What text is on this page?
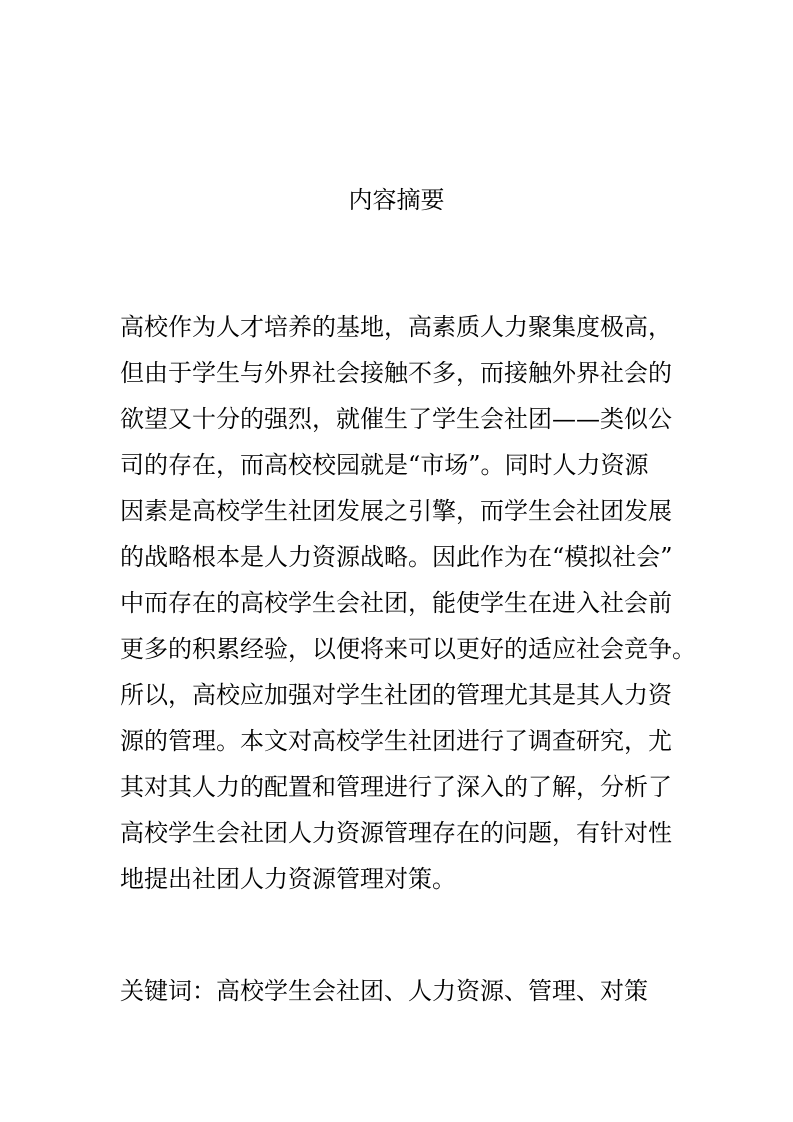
内容摘要
高校作为人才培养的基地，高素质人力聚集度极高，
但由于学生与外界社会接触不多，而接触外界社会的
欲望又十分的强烈，就催生了学生会社团——类似公
司的存在，而高校校园就是“市场”。同时人力资源
因素是高校学生社团发展之引擎，而学生会社团发展
的战略根本是人力资源战略。因此作为在“模拟社会”
中而存在的高校学生会社团，能使学生在进入社会前
更多的积累经验，以便将来可以更好的适应社会竞争。
所以，高校应加强对学生社团的管理尤其是其人力资
源的管理。本文对高校学生社团进行了调查研究，尤
其对其人力的配置和管理进行了深入的了解，分析了
高校学生会社团人力资源管理存在的问题，有针对性
地提出社团人力资源管理对策。
关键词：高校学生会社团、人力资源、管理、对策
